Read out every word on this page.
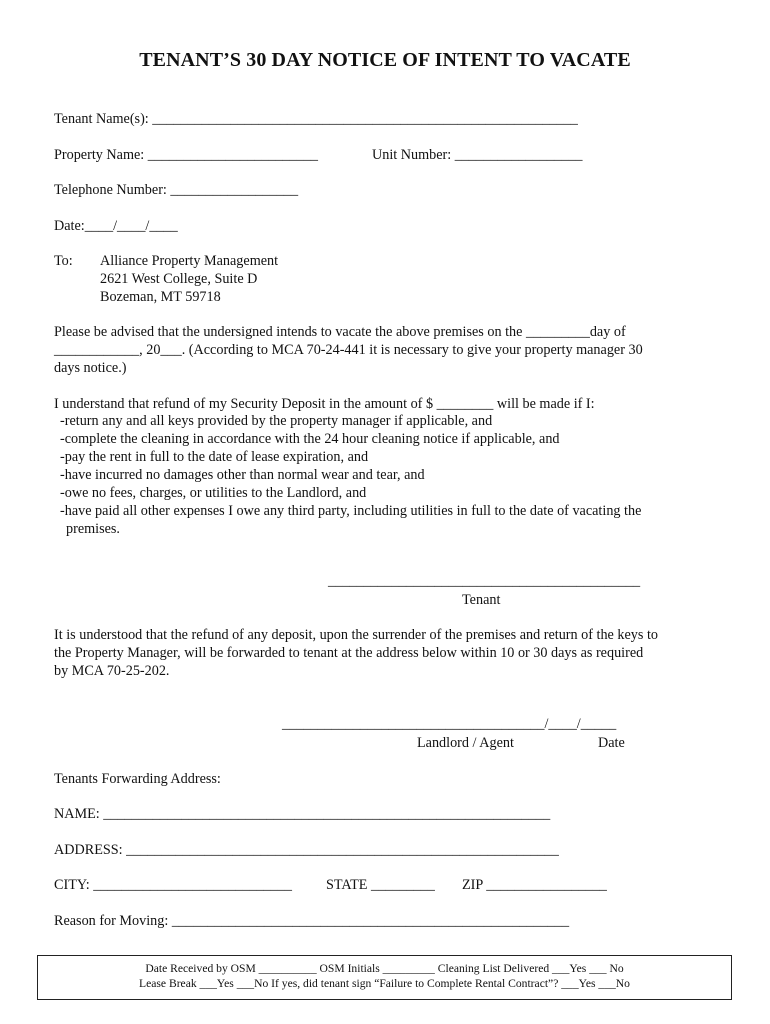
TENANT’S 30 DAY NOTICE OF INTENT TO VACATE
Tenant Name(s): ____________________________________________________________
Property Name: ________________________	Unit Number: __________________
Telephone Number: __________________
Date:____/____/____
To: Alliance Property Management
2621 West College, Suite D
Bozeman, MT 59718
Please be advised that the undersigned intends to vacate the above premises on the _________day of
____________, 20___. (According to MCA 70-24-441 it is necessary to give your property manager 30
days notice.)
I understand that refund of my Security Deposit in the amount of $ ________ will be made if I:
-return any and all keys provided by the property manager if applicable, and
-complete the cleaning in accordance with the 24 hour cleaning notice if applicable, and
-pay the rent in full to the date of lease expiration, and
-have incurred no damages other than normal wear and tear, and
-owe no fees, charges, or utilities to the Landlord, and
-have paid all other expenses I owe any third party, including utilities in full to the date of vacating the
premises.
____________________________________________
Tenant
It is understood that the refund of any deposit, upon the surrender of the premises and return of the keys to
the Property Manager, will be forwarded to tenant at the address below within 10 or 30 days as required
by MCA 70-25-202.
_____________________________________/____/_____
Landlord / Agent	Date
Tenants Forwarding Address:
NAME: _______________________________________________________________
ADDRESS: _____________________________________________________________
CITY: ____________________________ STATE _________ ZIP _________________
Reason for Moving: ________________________________________________________
Date Received by OSM __________ OSM Initials _________ Cleaning List Delivered ___Yes ___ No
Lease Break ___Yes ___No If yes, did tenant sign “Failure to Complete Rental Contract”? ___Yes ___No
